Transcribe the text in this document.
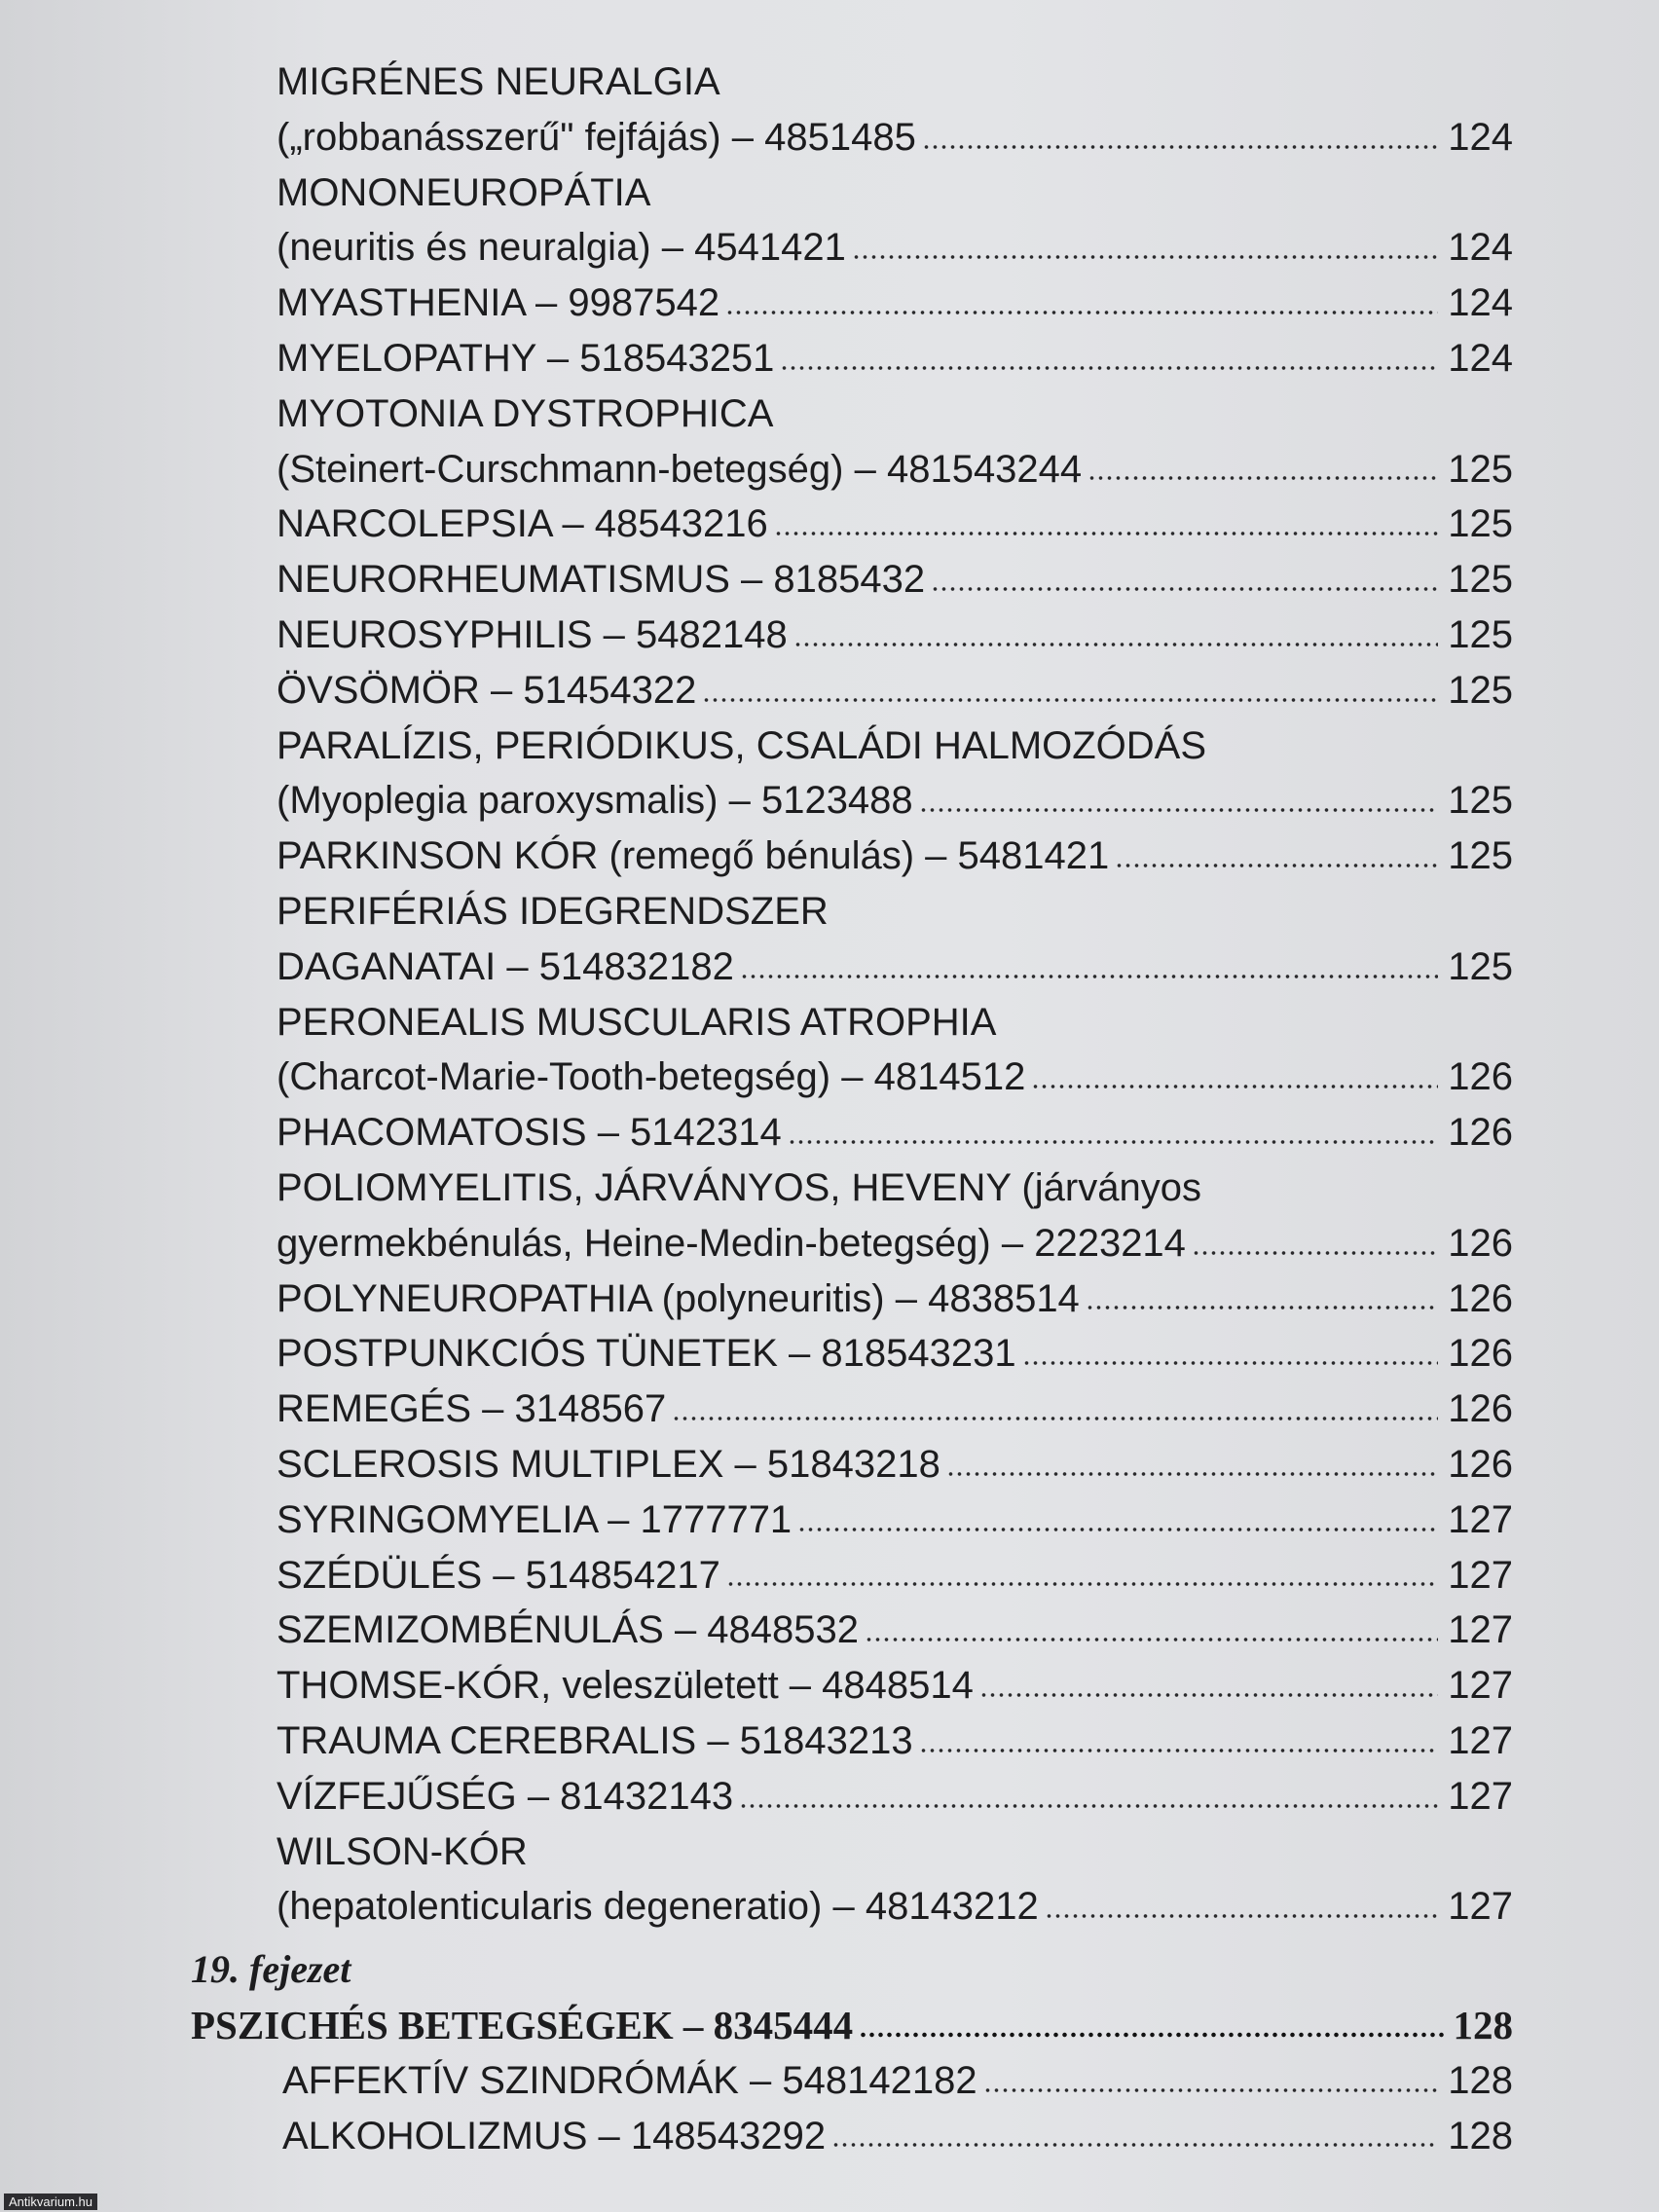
MIGRÉNES NEURALGIA
(„robbanásszerű" fejfájás) – 4851485	124
MONONEUROPÁTIA
(neuritis és neuralgia) – 4541421	124
MYASTHENIA – 9987542	124
MYELOPATHY – 518543251	124
MYOTONIA DYSTROPHICA
(Steinert-Curschmann-betegség) – 481543244	125
NARCOLEPSIA – 48543216	125
NEURORHEUMATISMUS – 8185432	125
NEUROSYPHILIS – 5482148	125
ÖVSÖMÖR – 51454322	125
PARALÍZIS, PERIÓDIKUS, CSALÁDI HALMOZÓDÁS
(Myoplegia paroxysmalis) – 5123488	125
PARKINSON KÓR (remegő bénulás) – 5481421	125
PERIFÉRIÁS IDEGRENDSZER
DAGANATAI – 514832182	125
PERONEALIS MUSCULARIS ATROPHIA
(Charcot-Marie-Tooth-betegség) – 4814512	126
PHACOMATOSIS – 5142314	126
POLIOMYELITIS, JÁRVÁNYOS, HEVENY (járványos
gyermekbénulás, Heine-Medin-betegség) – 2223214	126
POLYNEUROPATHIA (polyneuritis) – 4838514	126
POSTPUNKCIÓS TÜNETEK – 818543231	126
REMEGÉS – 3148567	126
SCLEROSIS MULTIPLEX – 51843218	126
SYRINGOMYELIA – 1777771	127
SZÉDÜLÉS – 514854217	127
SZEMIZOMBÉNULÁS – 4848532	127
THOMSE-KÓR, veleszületett – 4848514	127
TRAUMA CEREBRALIS – 51843213	127
VÍZFEJŰSÉG – 81432143	127
WILSON-KÓR
(hepatolenticularis degeneratio) – 48143212	127
19. fejezet
PSZICHÉS BETEGSÉGEK – 8345444	128
AFFEKTÍV SZINDRÓMÁK – 548142182	128
ALKOHOLIZMUS – 148543292	128
Antikvarium.hu
